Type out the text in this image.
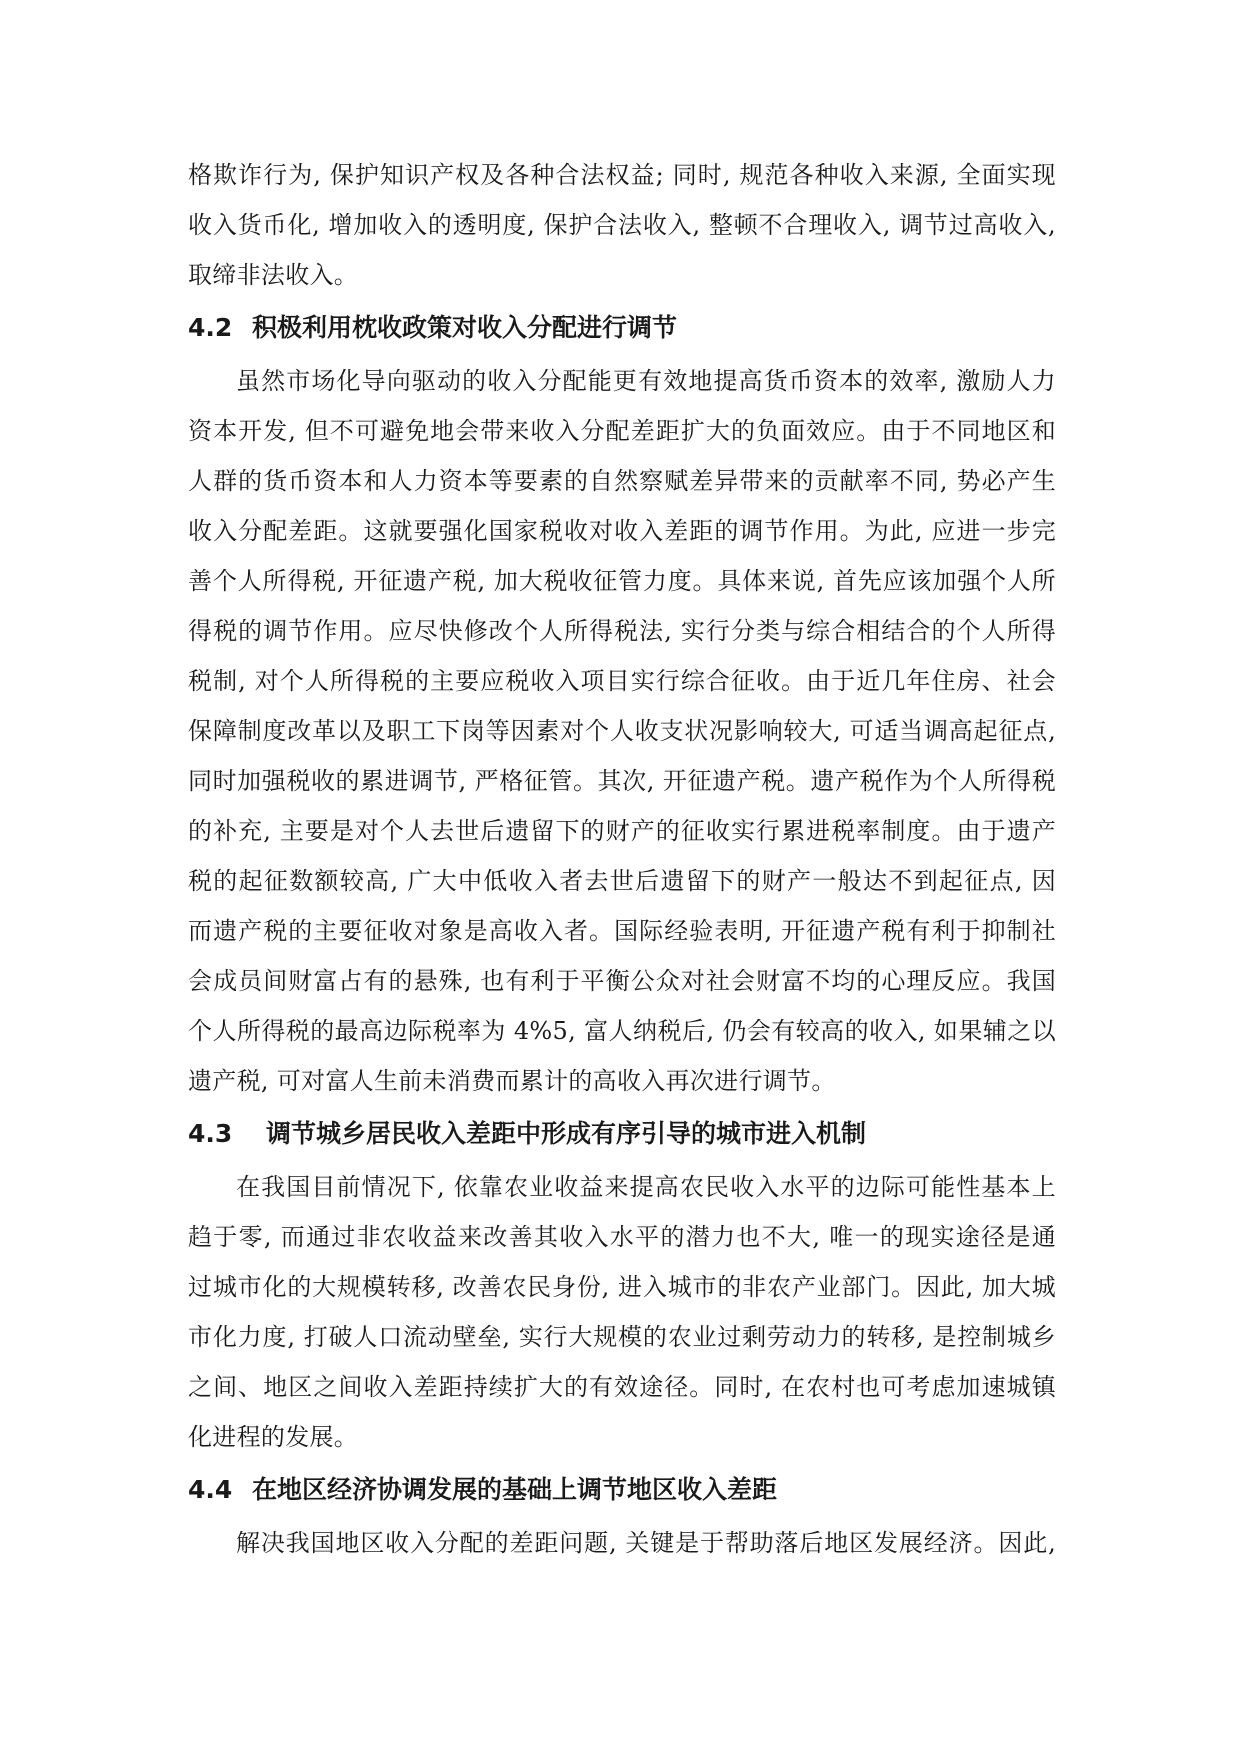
格欺诈行为, 保护知识产权及各种合法权益; 同时, 规范各种收入来源, 全面实现
收入货币化, 增加收入的透明度, 保护合法收入, 整顿不合理收入, 调节过高收入,
取缔非法收入。
4.2 积极利用枕收政策对收入分配进行调节
虽然市场化导向驱动的收入分配能更有效地提高货币资本的效率, 激励人力
资本开发, 但不可避免地会带来收入分配差距扩大的负面效应。由于不同地区和
人群的货币资本和人力资本等要素的自然察赋差异带来的贡献率不同, 势必产生
收入分配差距。这就要强化国家税收对收入差距的调节作用。为此, 应进一步完
善个人所得税, 开征遗产税, 加大税收征管力度。具体来说, 首先应该加强个人所
得税的调节作用。应尽快修改个人所得税法, 实行分类与综合相结合的个人所得
税制, 对个人所得税的主要应税收入项目实行综合征收。由于近几年住房、社会
保障制度改革以及职工下岗等因素对个人收支状况影响较大, 可适当调高起征点,
同时加强税收的累进调节, 严格征管。其次, 开征遗产税。遗产税作为个人所得税
的补充, 主要是对个人去世后遗留下的财产的征收实行累进税率制度。由于遗产
税的起征数额较高, 广大中低收入者去世后遗留下的财产一般达不到起征点, 因
而遗产税的主要征收对象是高收入者。国际经验表明, 开征遗产税有利于抑制社
会成员间财富占有的悬殊, 也有利于平衡公众对社会财富不均的心理反应。我国
个人所得税的最高边际税率为 4%5, 富人纳税后, 仍会有较高的收入, 如果辅之以
遗产税, 可对富人生前未消费而累计的高收入再次进行调节。
4.3	调节城乡居民收入差距中形成有序引导的城市进入机制
在我国目前情况下, 依靠农业收益来提高农民收入水平的边际可能性基本上
趋于零, 而通过非农收益来改善其收入水平的潜力也不大, 唯一的现实途径是通
过城市化的大规模转移, 改善农民身份, 进入城市的非农产业部门。因此, 加大城
市化力度, 打破人口流动壁垒, 实行大规模的农业过剩劳动力的转移, 是控制城乡
之间、地区之间收入差距持续扩大的有效途径。同时, 在农村也可考虑加速城镇
化进程的发展。
4.4 在地区经济协调发展的基础上调节地区收入差距
解决我国地区收入分配的差距问题, 关键是于帮助落后地区发展经济。因此,
